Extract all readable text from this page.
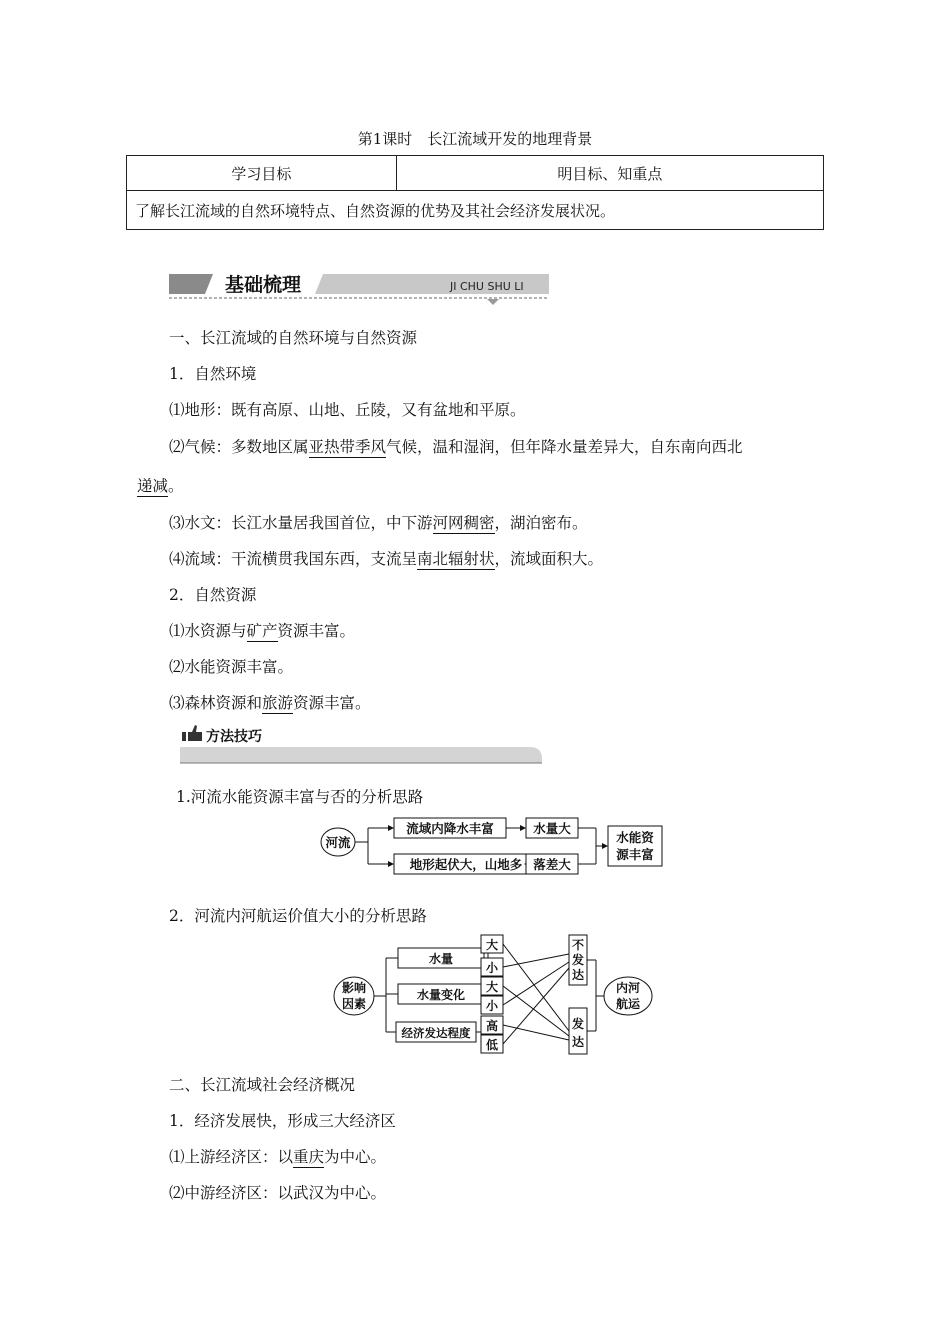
第1课时　长江流域开发的地理背景
学习目标	明目标、知重点
了解长江流域的自然环境特点、自然资源的优势及其社会经济发展状况。
基础梳理	JI CHU SHU LI
一、长江流域的自然环境与自然资源
1．自然环境
⑴地形：既有高原、山地、丘陵，又有盆地和平原。
⑵气候：多数地区属亚热带季风气候，温和湿润，但年降水量差异大，自东南向西北
递减。
⑶水文：长江水量居我国首位，中下游河网稠密，湖泊密布。
⑷流域：干流横贯我国东西，支流呈南北辐射状，流域面积大。
2．自然资源
⑴水资源与矿产资源丰富。
⑵水能资源丰富。
⑶森林资源和旅游资源丰富。
方法技巧
1.河流水能资源丰富与否的分析思路
河流
流域内降水丰富
地形起伏大，山地多
水量大
落差大
水能资
源丰富
2．河流内河航运价值大小的分析思路
影响
因素
水量
水量变化
经济发达程度
大
小
大
小
高
低
不
发
达
发
达
内河
航运
二、长江流域社会经济概况
1．经济发展快，形成三大经济区
⑴上游经济区：以重庆为中心。
⑵中游经济区：以武汉为中心。
